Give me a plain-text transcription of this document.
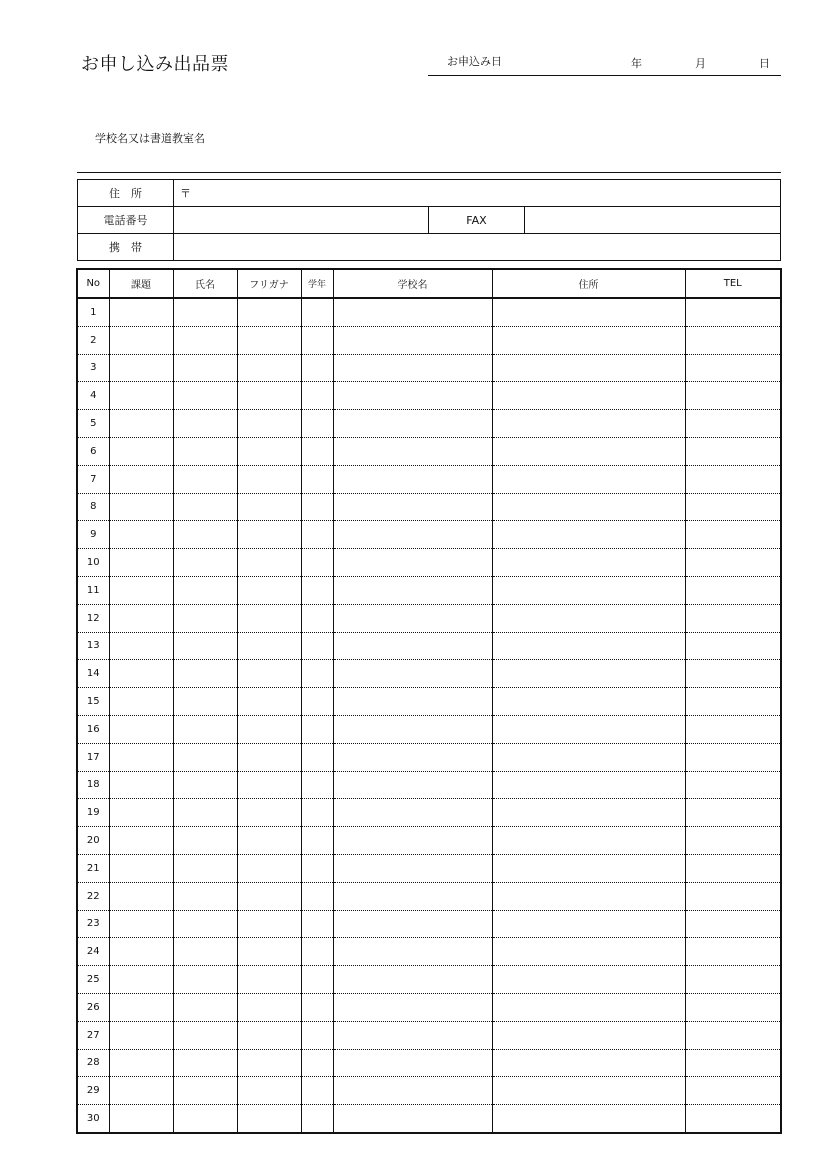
お申し込み出品票	お申込み日	年	月	日
学校名又は書道教室名
住　所	〒		
電話番号		FAX	
携　帯			
No	課題	氏名	フリガナ	学年	学校名	住所	TEL
1							
2							
3							
4							
5							
6							
7							
8							
9							
10							
11							
12							
13							
14							
15							
16							
17							
18							
19							
20							
21							
22							
23							
24							
25							
26							
27							
28							
29							
30							
